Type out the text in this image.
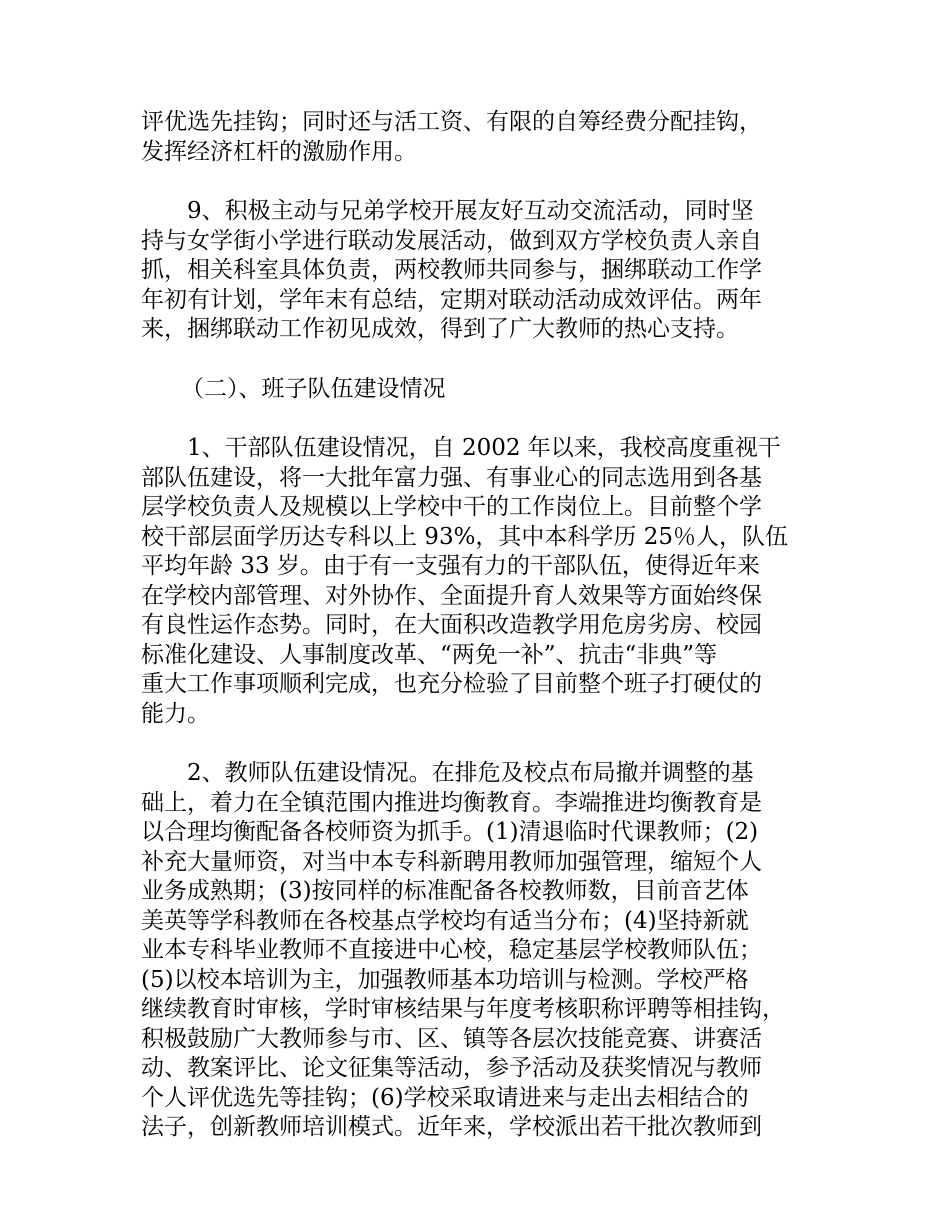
评优选先挂钩；同时还与活工资、有限的自筹经费分配挂钩，
发挥经济杠杆的激励作用。
　　9、积极主动与兄弟学校开展友好互动交流活动，同时坚
持与女学街小学进行联动发展活动，做到双方学校负责人亲自
抓，相关科室具体负责，两校教师共同参与，捆绑联动工作学
年初有计划，学年末有总结，定期对联动活动成效评估。两年
来，捆绑联动工作初见成效，得到了广大教师的热心支持。
（二）、班子队伍建设情况
　　1、干部队伍建设情况，自 2002 年以来，我校高度重视干
部队伍建设，将一大批年富力强、有事业心的同志选用到各基
层学校负责人及规模以上学校中干的工作岗位上。目前整个学
校干部层面学历达专科以上 93%，其中本科学历 25％人，队伍
平均年龄 33 岁。由于有一支强有力的干部队伍，使得近年来
在学校内部管理、对外协作、全面提升育人效果等方面始终保
有良性运作态势。同时，在大面积改造教学用危房劣房、校园
标准化建设、人事制度改革、“两免一补”、抗击“非典”等
重大工作事项顺利完成，也充分检验了目前整个班子打硬仗的
能力。
　　2、教师队伍建设情况。在排危及校点布局撤并调整的基
础上，着力在全镇范围内推进均衡教育。李端推进均衡教育是
以合理均衡配备各校师资为抓手。(1)清退临时代课教师；(2)
补充大量师资，对当中本专科新聘用教师加强管理，缩短个人
业务成熟期；(3)按同样的标准配备各校教师数，目前音艺体
美英等学科教师在各校基点学校均有适当分布；(4)坚持新就
业本专科毕业教师不直接进中心校，稳定基层学校教师队伍；
(5)以校本培训为主，加强教师基本功培训与检测。学校严格
继续教育时审核，学时审核结果与年度考核职称评聘等相挂钩，
积极鼓励广大教师参与市、区、镇等各层次技能竞赛、讲赛活
动、教案评比、论文征集等活动，参予活动及获奖情况与教师
个人评优选先等挂钩；(6)学校采取请进来与走出去相结合的
法子，创新教师培训模式。近年来，学校派出若干批次教师到
